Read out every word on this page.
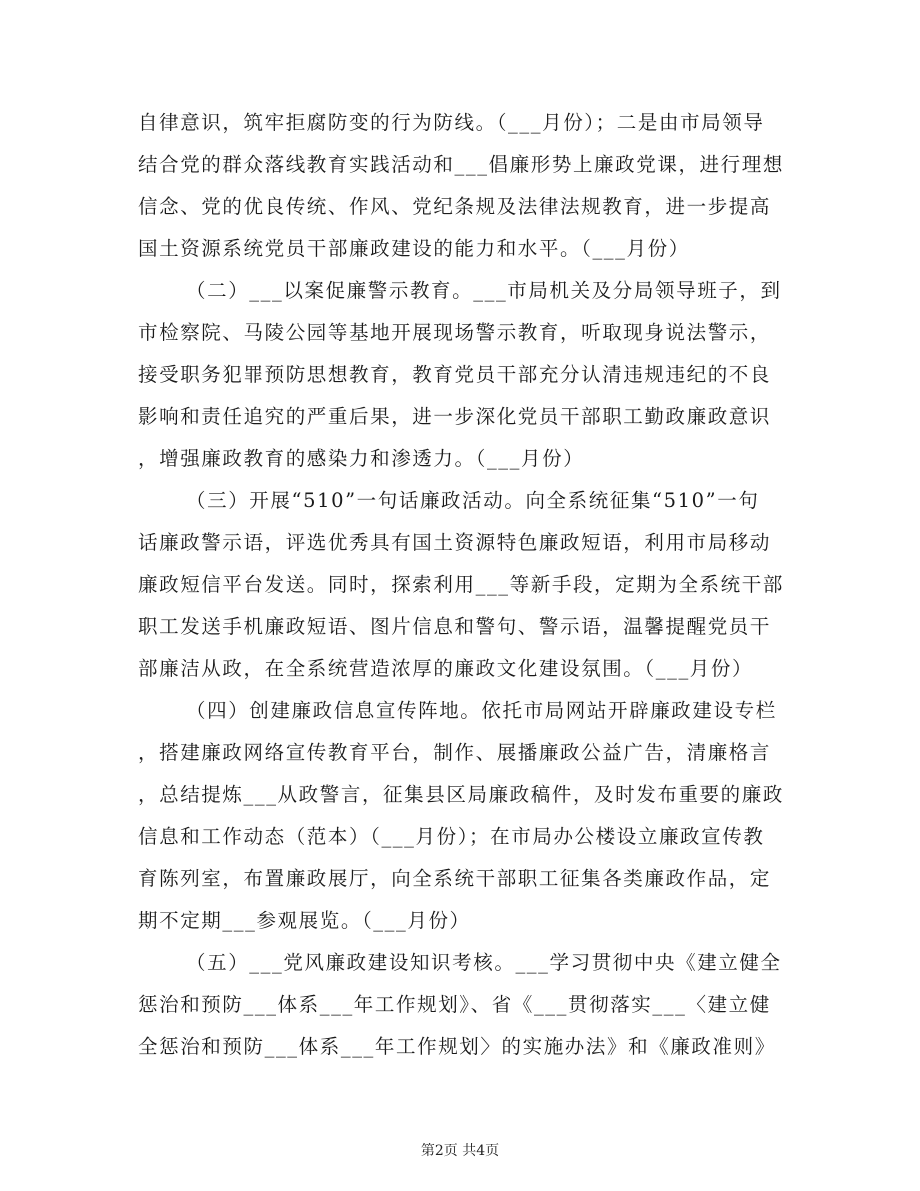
自律意识，筑牢拒腐防变的行为防线。（___月份）；二是由市局领导
结合党的群众落线教育实践活动和___倡廉形势上廉政党课，进行理想
信念、党的优良传统、作风、党纪条规及法律法规教育，进一步提高
国土资源系统党员干部廉政建设的能力和水平。（___月份）
（二）___以案促廉警示教育。___市局机关及分局领导班子，到
市检察院、马陵公园等基地开展现场警示教育，听取现身说法警示，
接受职务犯罪预防思想教育，教育党员干部充分认清违规违纪的不良
影响和责任追究的严重后果，进一步深化党员干部职工勤政廉政意识
，增强廉政教育的感染力和渗透力。（___月份）
（三）开展“510”一句话廉政活动。向全系统征集“510”一句
话廉政警示语，评选优秀具有国土资源特色廉政短语，利用市局移动
廉政短信平台发送。同时，探索利用___等新手段，定期为全系统干部
职工发送手机廉政短语、图片信息和警句、警示语，温馨提醒党员干
部廉洁从政，在全系统营造浓厚的廉政文化建设氛围。（___月份）
（四）创建廉政信息宣传阵地。依托市局网站开辟廉政建设专栏
，搭建廉政网络宣传教育平台，制作、展播廉政公益广告，清廉格言
，总结提炼___从政警言，征集县区局廉政稿件，及时发布重要的廉政
信息和工作动态（范本）（___月份）；在市局办公楼设立廉政宣传教
育陈列室，布置廉政展厅，向全系统干部职工征集各类廉政作品，定
期不定期___参观展览。（___月份）
（五）___党风廉政建设知识考核。___学习贯彻中央《建立健全
惩治和预防___体系___年工作规划》、省《___贯彻落实___〈建立健
全惩治和预防___体系___年工作规划〉的实施办法》和《廉政准则》
第2页 共4页
